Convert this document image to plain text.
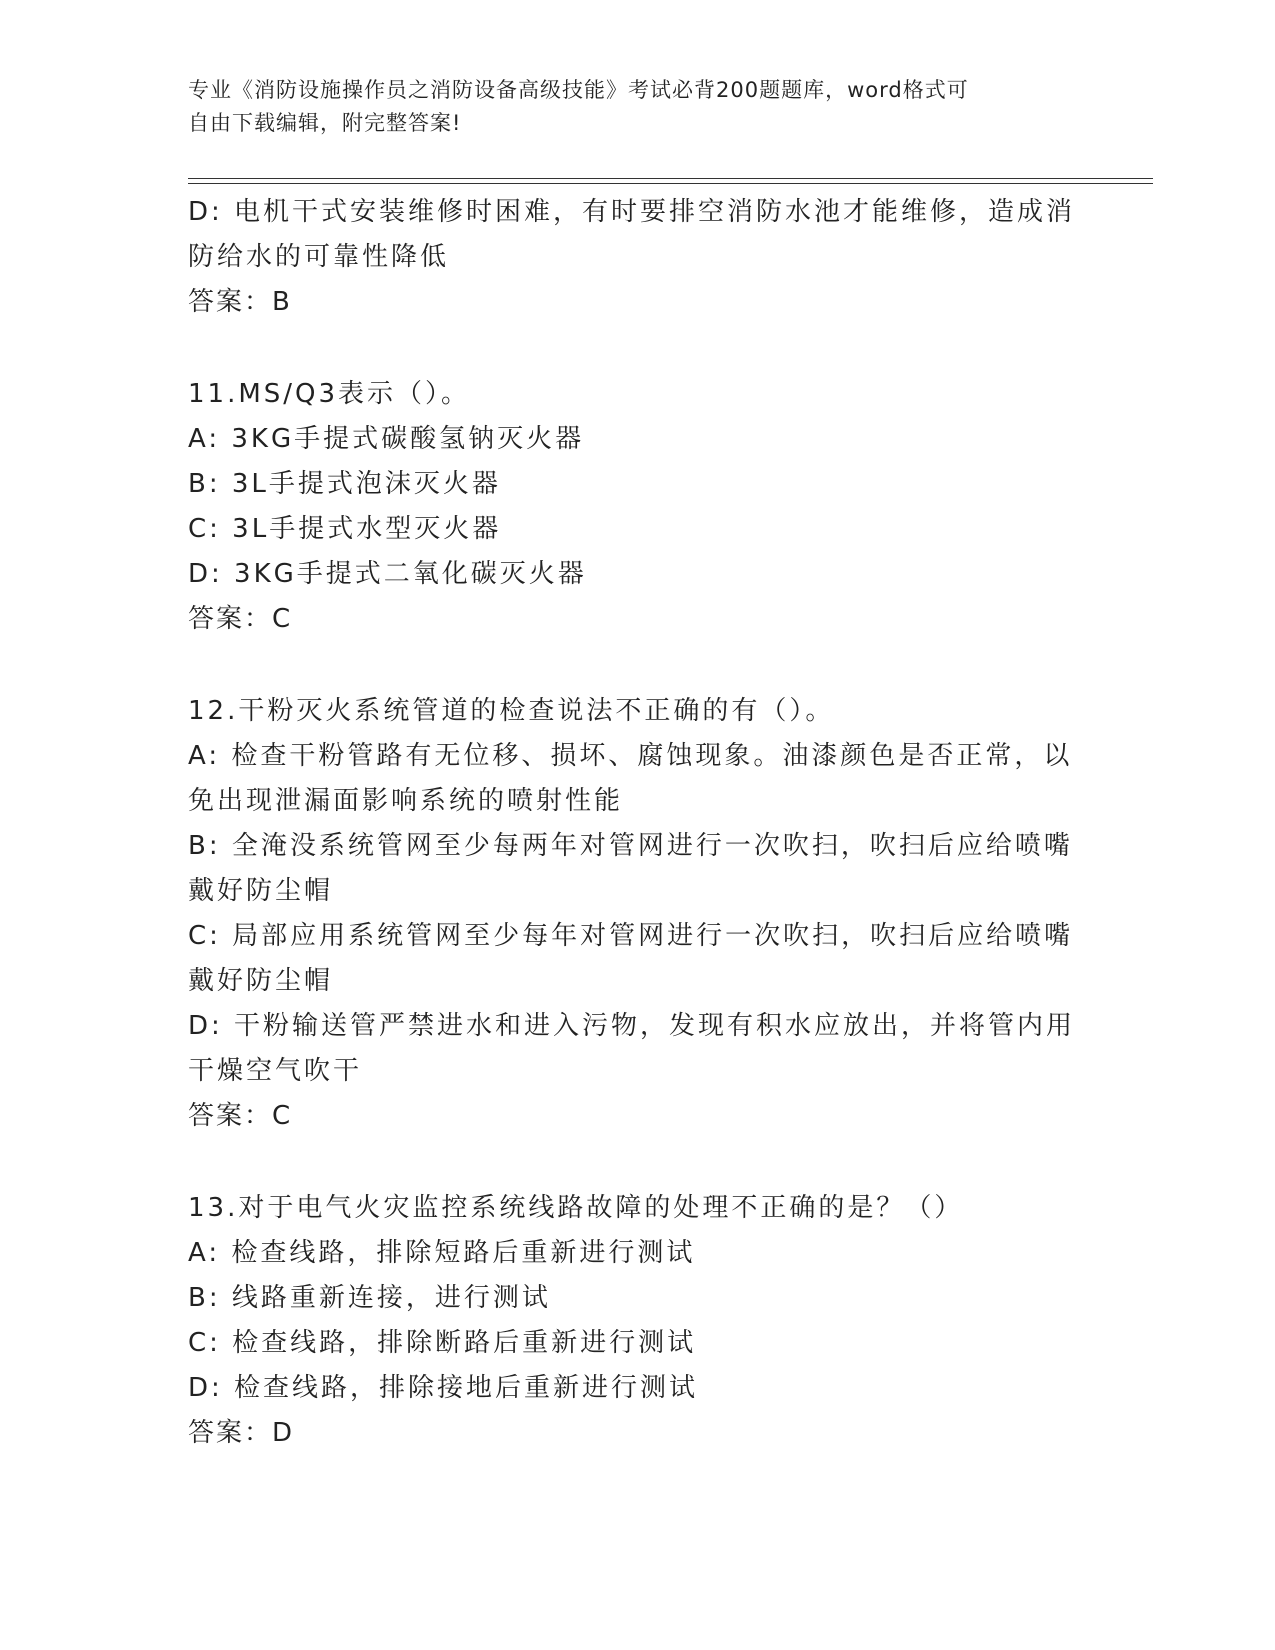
专业《消防设施操作员之消防设备高级技能》考试必背200题题库，word格式可
自由下载编辑，附完整答案!
D: 电机干式安装维修时困难，有时要排空消防水池才能维修，造成消
防给水的可靠性降低
答案：B
11.MS/Q3表示（）。
A: 3KG手提式碳酸氢钠灭火器
B: 3L手提式泡沫灭火器
C: 3L手提式水型灭火器
D: 3KG手提式二氧化碳灭火器
答案：C
12.干粉灭火系统管道的检查说法不正确的有（）。
A: 检查干粉管路有无位移、损坏、腐蚀现象。油漆颜色是否正常，以
免出现泄漏面影响系统的喷射性能
B: 全淹没系统管网至少每两年对管网进行一次吹扫，吹扫后应给喷嘴
戴好防尘帽
C: 局部应用系统管网至少每年对管网进行一次吹扫，吹扫后应给喷嘴
戴好防尘帽
D: 干粉输送管严禁进水和进入污物，发现有积水应放出，并将管内用
干燥空气吹干
答案：C
13.对于电气火灾监控系统线路故障的处理不正确的是？（）
A: 检查线路，排除短路后重新进行测试
B: 线路重新连接，进行测试
C: 检查线路，排除断路后重新进行测试
D: 检查线路，排除接地后重新进行测试
答案：D
